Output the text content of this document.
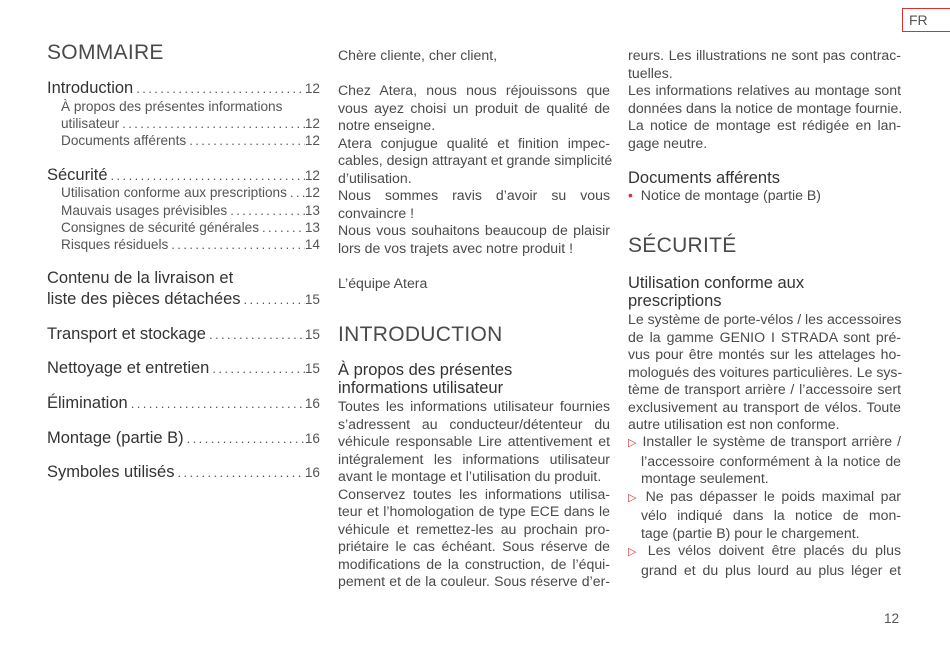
FR
SOMMAIRE
Introduction .....	12
À propos des présentes informations
utilisateur .....	12
Documents afférents .....	12
Sécurité .....	12
Utilisation conforme aux prescriptions ..... 12
Mauvais usages prévisibles .....	13
Consignes de sécurité générales .....	13
Risques résiduels .....	14
Contenu de la livraison et
liste des pièces détachées .....	15
Transport et stockage .....	15
Nettoyage et entretien .....	15
Élimination .....	16
Montage (partie B) .....	16
Symboles utilisés .....	16
Chère cliente, cher client,
Chez Atera, nous nous réjouissons que
vous ayez choisi un produit de qualité de
notre enseigne.
Atera conjugue qualité et finition impec-
cables, design attrayant et grande simplicité
d’utilisation.
Nous sommes ravis d’avoir su vous
convaincre !
Nous vous souhaitons beaucoup de plaisir
lors de vos trajets avec notre produit !
L’équipe Atera
INTRODUCTION
À propos des présentes
informations utilisateur
Toutes les informations utilisateur fournies
s’adressent au conducteur/détenteur du
véhicule responsable Lire attentivement et
intégralement les informations utilisateur
avant le montage et l’utilisation du produit.
Conservez toutes les informations utilisa-
teur et l’homologation de type ECE dans le
véhicule et remettez-les au prochain pro-
priétaire le cas échéant. Sous réserve de
modifications de la construction, de l’équi-
pement et de la couleur. Sous réserve d’er-
reurs. Les illustrations ne sont pas contrac-
tuelles.
Les informations relatives au montage sont
données dans la notice de montage fournie.
La notice de montage est rédigée en lan-
gage neutre.
Documents afférents
• Notice de montage (partie B)
SÉCURITÉ
Utilisation conforme aux
prescriptions
Le système de porte-vélos / les accessoires
de la gamme GENIO I STRADA sont pré-
vus pour être montés sur les attelages ho-
mologués des voitures particulières. Le sys-
tème de transport arrière / l’accessoire sert
exclusivement au transport de vélos. Toute
autre utilisation est non conforme.
▷ Installer le système de transport arrière /
l’accessoire conformément à la notice de
montage seulement.
▷ Ne pas dépasser le poids maximal par
vélo indiqué dans la notice de mon-
tage (partie B) pour le chargement.
▷ Les vélos doivent être placés du plus
grand et du plus lourd au plus léger et
12
